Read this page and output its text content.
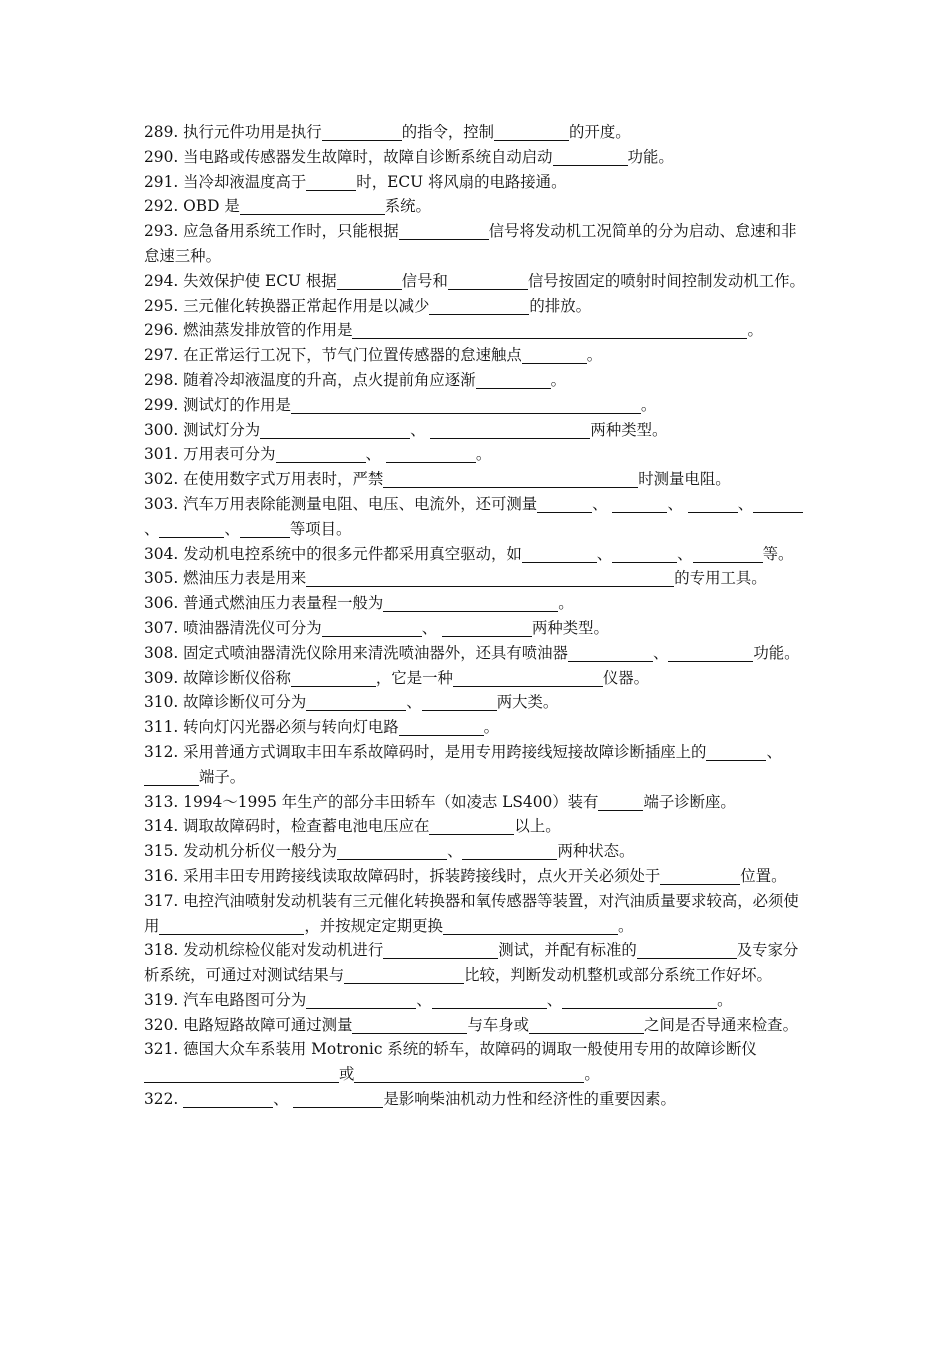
289. 执行元件功用是执行	的指令，控制	的开度。
290. 当电路或传感器发生故障时，故障自诊断系统自动启动	功能。
291. 当冷却液温度高于	时，ECU 将风扇的电路接通。
292. OBD 是	系统。
293. 应急备用系统工作时，只能根据	信号将发动机工况简单的分为启动、怠速和非怠速三种。
294. 失效保护使 ECU 根据	信号和	信号按固定的喷射时间控制发动机工作。
295. 三元催化转换器正常起作用是以减少	的排放。
296. 燃油蒸发排放管的作用是	。
297. 在正常运行工况下，节气门位置传感器的怠速触点	。
298. 随着冷却液温度的升高，点火提前角应逐渐	。
299. 测试灯的作用是	。
300. 测试灯分为	、	两种类型。
301. 万用表可分为	、	。
302. 在使用数字式万用表时，严禁	时测量电阻。
303. 汽车万用表除能测量电阻、电压、电流外，还可测量	、	、	、、	、	等项目。
304. 发动机电控系统中的很多元件都采用真空驱动，如	、	、	等。
305. 燃油压力表是用来	的专用工具。
306. 普通式燃油压力表量程一般为	。
307. 喷油器清洗仪可分为	、	两种类型。
308. 固定式喷油器清洗仪除用来清洗喷油器外，还具有喷油器	、	功能。
309. 故障诊断仪俗称	，它是一种	仪器。
310. 故障诊断仪可分为	、	两大类。
311. 转向灯闪光器必须与转向灯电路	。
312. 采用普通方式调取丰田车系故障码时，是用专用跨接线短接故障诊断插座上的	、端子。
313. 1994～1995 年生产的部分丰田轿车（如凌志 LS400）装有	端子诊断座。
314. 调取故障码时，检查蓄电池电压应在	以上。
315. 发动机分析仪一般分为	、	两种状态。
316. 采用丰田专用跨接线读取故障码时，拆装跨接线时，点火开关必须处于	位置。
317. 电控汽油喷射发动机装有三元催化转换器和氧传感器等装置，对汽油质量要求较高，必须使用	，并按规定定期更换	。
318. 发动机综检仪能对发动机进行	测试，并配有标准的	及专家分析系统，可通过对测试结果与	比较，判断发动机整机或部分系统工作好坏。
319. 汽车电路图可分为	、	、	。
320. 电路短路故障可通过测量	与车身或	之间是否导通来检查。
321. 德国大众车系装用 Motronic 系统的轿车，故障码的调取一般使用专用的故障诊断仪或	。
322.	、	是影响柴油机动力性和经济性的重要因素。
